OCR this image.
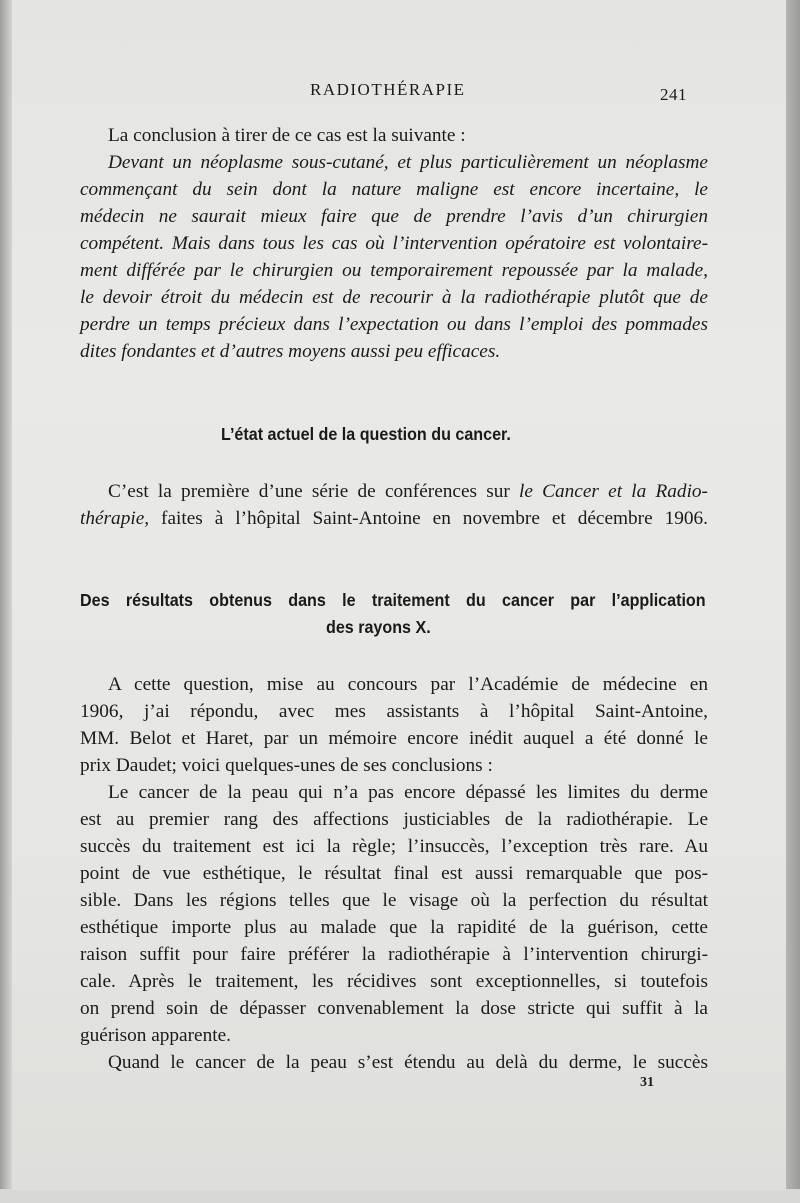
RADIOTHÉRAPIE	241
La conclusion à tirer de ce cas est la suivante :
Devant un néoplasme sous-cutané, et plus particulièrement un néoplasme
commençant du sein dont la nature maligne est encore incertaine, le
médecin ne saurait mieux faire que de prendre l’avis d’un chirurgien
compétent. Mais dans tous les cas où l’intervention opératoire est volontaire-
ment différée par le chirurgien ou temporairement repoussée par la malade,
le devoir étroit du médecin est de recourir à la radiothérapie plutôt que de
perdre un temps précieux dans l’expectation ou dans l’emploi des pommades
dites fondantes et d’autres moyens aussi peu efficaces.
L’état actuel de la question du cancer.
C’est la première d’une série de conférences sur le Cancer et la Radio-
thérapie, faites à l’hôpital Saint-Antoine en novembre et décembre 1906.
Des résultats obtenus dans le traitement du cancer par l’application
des rayons X.
A cette question, mise au concours par l’Académie de médecine en
1906, j’ai répondu, avec mes assistants à l’hôpital Saint-Antoine,
MM. Belot et Haret, par un mémoire encore inédit auquel a été donné le
prix Daudet; voici quelques-unes de ses conclusions :
Le cancer de la peau qui n’a pas encore dépassé les limites du derme
est au premier rang des affections justiciables de la radiothérapie. Le
succès du traitement est ici la règle; l’insuccès, l’exception très rare. Au
point de vue esthétique, le résultat final est aussi remarquable que pos-
sible. Dans les régions telles que le visage où la perfection du résultat
esthétique importe plus au malade que la rapidité de la guérison, cette
raison suffit pour faire préférer la radiothérapie à l’intervention chirurgi-
cale. Après le traitement, les récidives sont exceptionnelles, si toutefois
on prend soin de dépasser convenablement la dose stricte qui suffit à la
guérison apparente.
Quand le cancer de la peau s’est étendu au delà du derme, le succès
31
